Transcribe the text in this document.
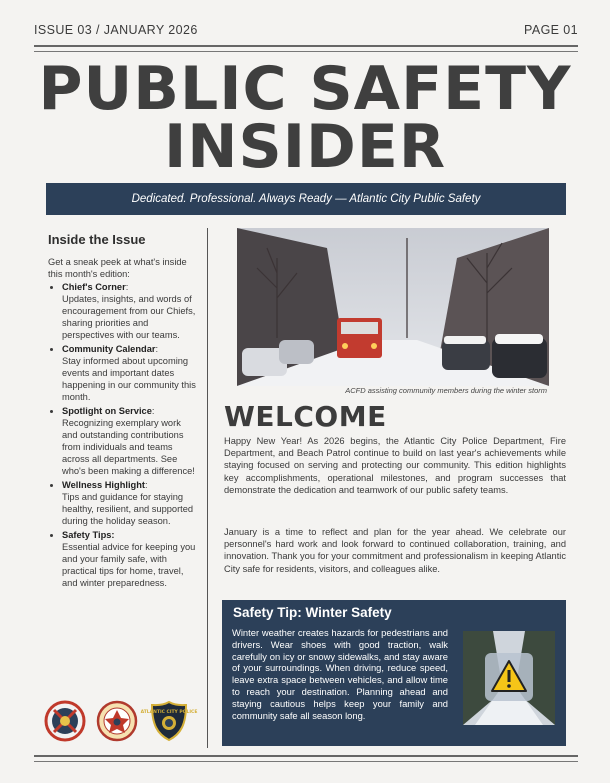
ISSUE 03 / JANUARY 2026	PAGE 01
PUBLIC SAFETY
INSIDER
Dedicated. Professional. Always Ready — Atlantic City Public Safety
Inside the Issue

Get a sneak peek at what's inside this month's edition:

• Chief's Corner:
Updates, insights, and words of encouragement from our Chiefs, sharing priorities and perspectives with our teams.
• Community Calendar:
Stay informed about upcoming events and important dates happening in our community this month.
• Spotlight on Service:
Recognizing exemplary work and outstanding contributions from individuals and teams across all departments. See who's been making a difference!
• Wellness Highlight:
Tips and guidance for staying healthy, resilient, and supported during the holiday season.
• Safety Tips:
Essential advice for keeping you and your family safe, with practical tips for home, travel, and winter preparedness.
ATLANTIC CITY POLICE
ACFD assisting community members during the winter storm
WELCOME
Happy New Year! As 2026 begins, the Atlantic City Police Department, Fire Department, and Beach Patrol continue to build on last year's achievements while staying focused on serving and protecting our community. This edition highlights key accomplishments, operational milestones, and program successes that demonstrate the dedication and teamwork of our public safety teams.
January is a time to reflect and plan for the year ahead. We celebrate our personnel's hard work and look forward to continued collaboration, training, and innovation. Thank you for your commitment and professionalism in keeping Atlantic City safe for residents, visitors, and colleagues alike.
Safety Tip: Winter Safety
Winter weather creates hazards for pedestrians and drivers. Wear shoes with good traction, walk carefully on icy or snowy sidewalks, and stay aware of your surroundings. When driving, reduce speed, leave extra space between vehicles, and allow time to reach your destination. Planning ahead and staying cautious helps keep your family and community safe all season long.
